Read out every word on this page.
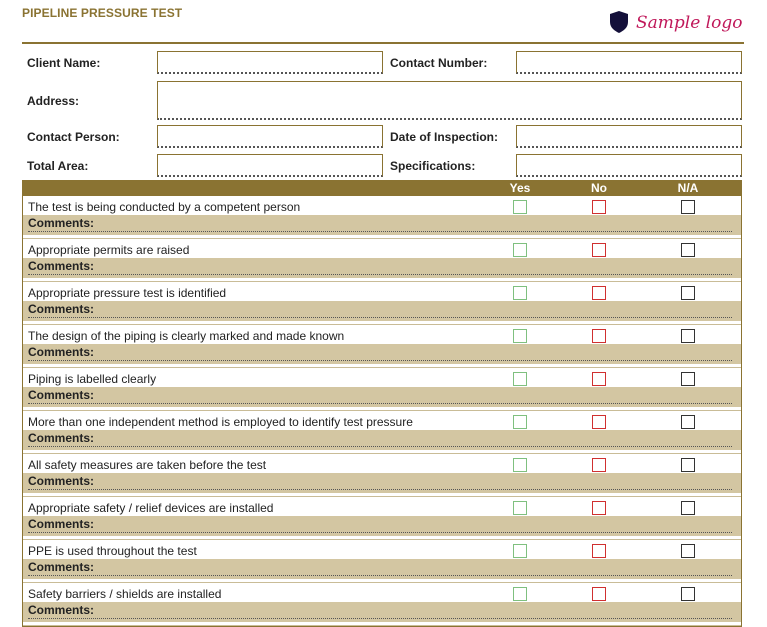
PIPELINE PRESSURE TEST	Sample logo
Client Name:	Contact Number:
Address:
Contact Person:	Date of Inspection:
Total Area:	Specifications:
Yes	No	N/A
The test is being conducted by a competent person
Comments:
Appropriate permits are raised
Comments:
Appropriate pressure test is identified
Comments:
The design of the piping is clearly marked and made known
Comments:
Piping is labelled clearly
Comments:
More than one independent method is employed to identify test pressure
Comments:
All safety measures are taken before the test
Comments:
Appropriate safety / relief devices are installed
Comments:
PPE is used throughout the test
Comments:
Safety barriers / shields are installed
Comments:
